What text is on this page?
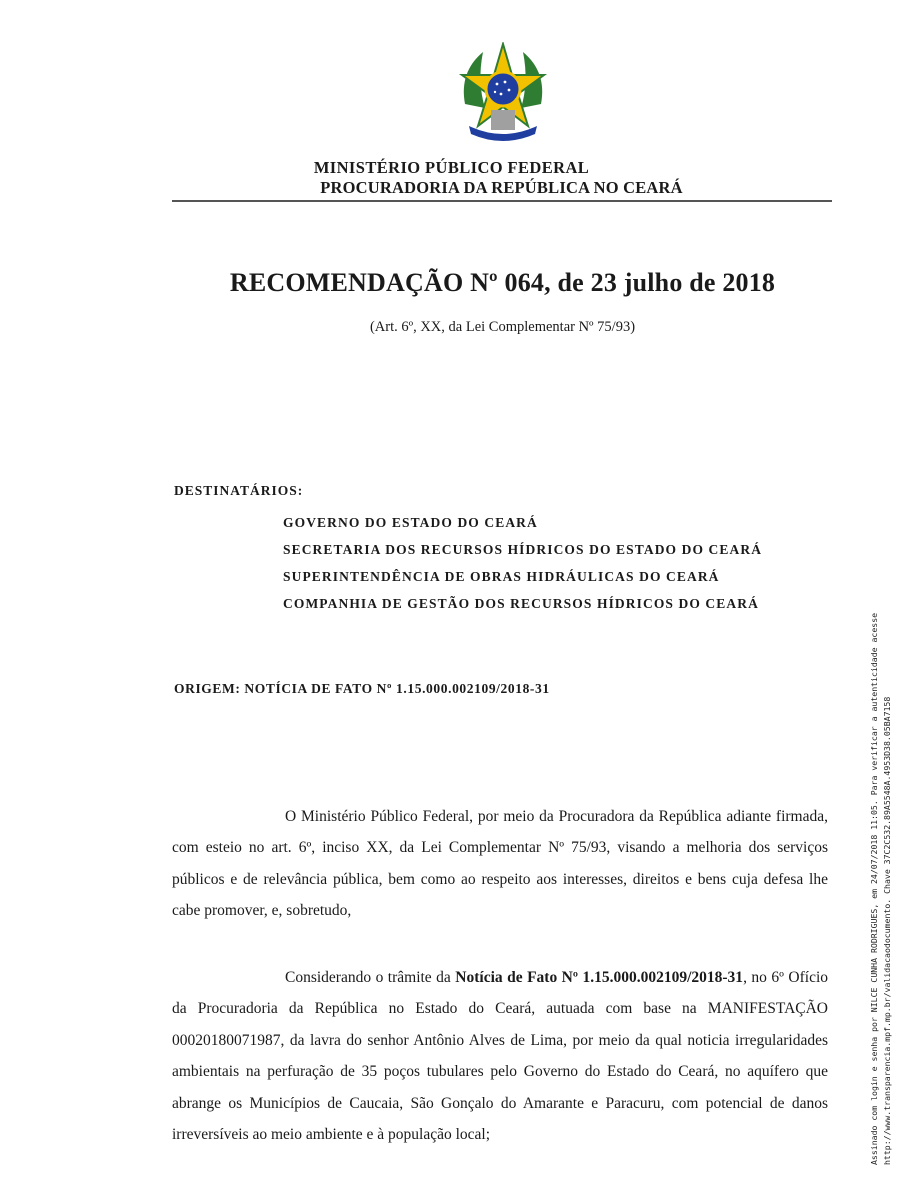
MINISTÉRIO PÚBLICO FEDERAL
PROCURADORIA DA REPÚBLICA NO CEARÁ
RECOMENDAÇÃO Nº 064, de 23 julho de 2018
(Art. 6º, XX, da Lei Complementar Nº 75/93)
DESTINATÁRIOS:
GOVERNO DO ESTADO DO CEARÁ
SECRETARIA DOS RECURSOS HÍDRICOS DO ESTADO DO CEARÁ
SUPERINTENDÊNCIA DE OBRAS HIDRÁULICAS DO CEARÁ
COMPANHIA DE GESTÃO DOS RECURSOS HÍDRICOS DO CEARÁ
ORIGEM: NOTÍCIA DE FATO Nº 1.15.000.002109/2018-31

O Ministério Público Federal, por meio da Procuradora da República adiante firmada, com esteio no art. 6º, inciso XX, da Lei Complementar Nº 75/93, visando a melhoria dos serviços públicos e de relevância pública, bem como ao respeito aos interesses, direitos e bens cuja defesa lhe cabe promover, e, sobretudo,

Considerando o trâmite da Notícia de Fato Nº 1.15.000.002109/2018-31, no 6º Ofício da Procuradoria da República no Estado do Ceará, autuada com base na MANIFESTAÇÃO 00020180071987, da lavra do senhor Antônio Alves de Lima, por meio da qual noticia irregularidades ambientais na perfuração de 35 poços tubulares pelo Governo do Estado do Ceará, no aquífero que abrange os Municípios de Caucaia, São Gonçalo do Amarante e Paracuru, com potencial de danos irreversíveis ao meio ambiente e à população local;	Assinado com login e senha por NILCE CUNHA RODRIGUES, em 24/07/2018 11:05. Para verificar a autenticidade acesse http://www.transparencia.mpf.mp.br/validacaodocumento. Chave 37C2C532.89A5548A.4953D38.05BA7158
